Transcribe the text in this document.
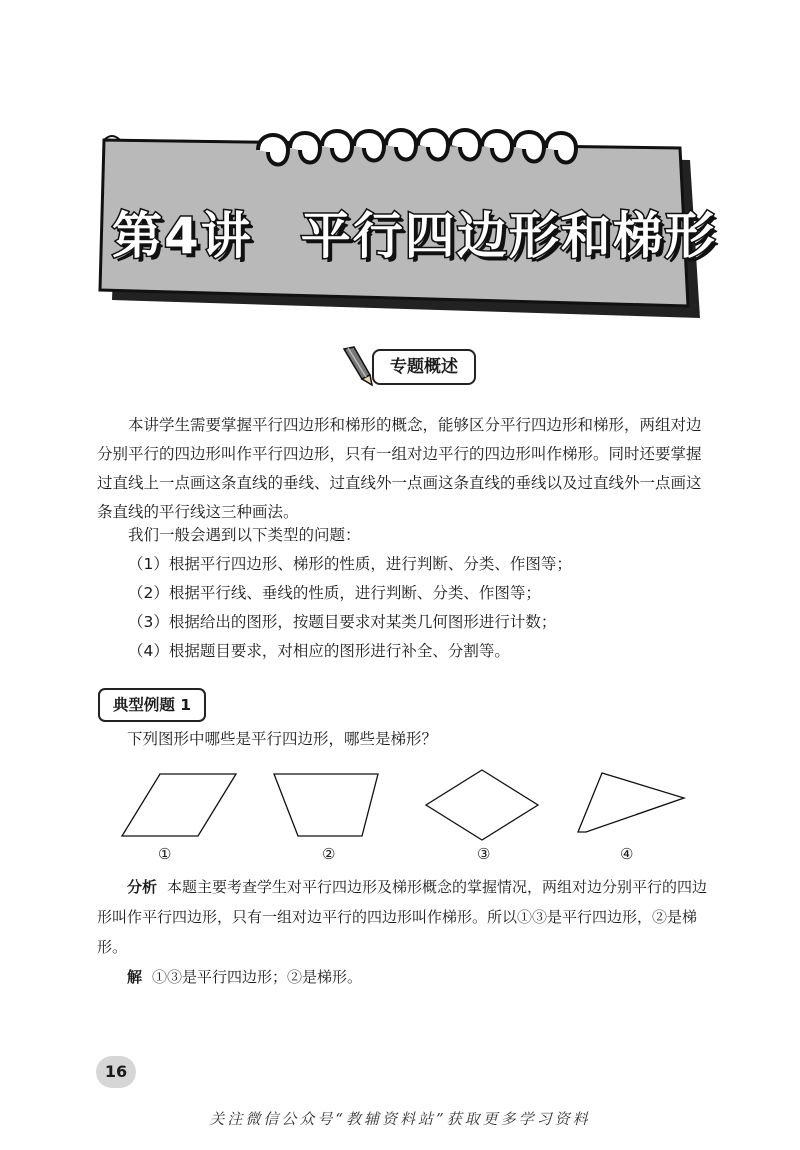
第4讲 平行四边形和梯形
专题概述

本讲学生需要掌握平行四边形和梯形的概念，能够区分平行四边形和梯形，两组对边分别平行的四边形叫作平行四边形，只有一组对边平行的四边形叫作梯形。同时还要掌握过直线上一点画这条直线的垂线、过直线外一点画这条直线的垂线以及过直线外一点画这条直线的平行线这三种画法。

我们一般会遇到以下类型的问题：

（1）根据平行四边形、梯形的性质，进行判断、分类、作图等；

（2）根据平行线、垂线的性质，进行判断、分类、作图等；

（3）根据给出的图形，按题目要求对某类几何图形进行计数；

（4）根据题目要求，对相应的图形进行补全、分割等。

典型例题 1
下列图形中哪些是平行四边形，哪些是梯形？
①	②	③	④

分析 本题主要考查学生对平行四边形及梯形概念的掌握情况，两组对边分别平行的四边形叫作平行四边形，只有一组对边平行的四边形叫作梯形。所以①③是平行四边形，②是梯形。

解 ①③是平行四边形；②是梯形。

16
关注微信公众号“教辅资料站”获取更多学习资料
